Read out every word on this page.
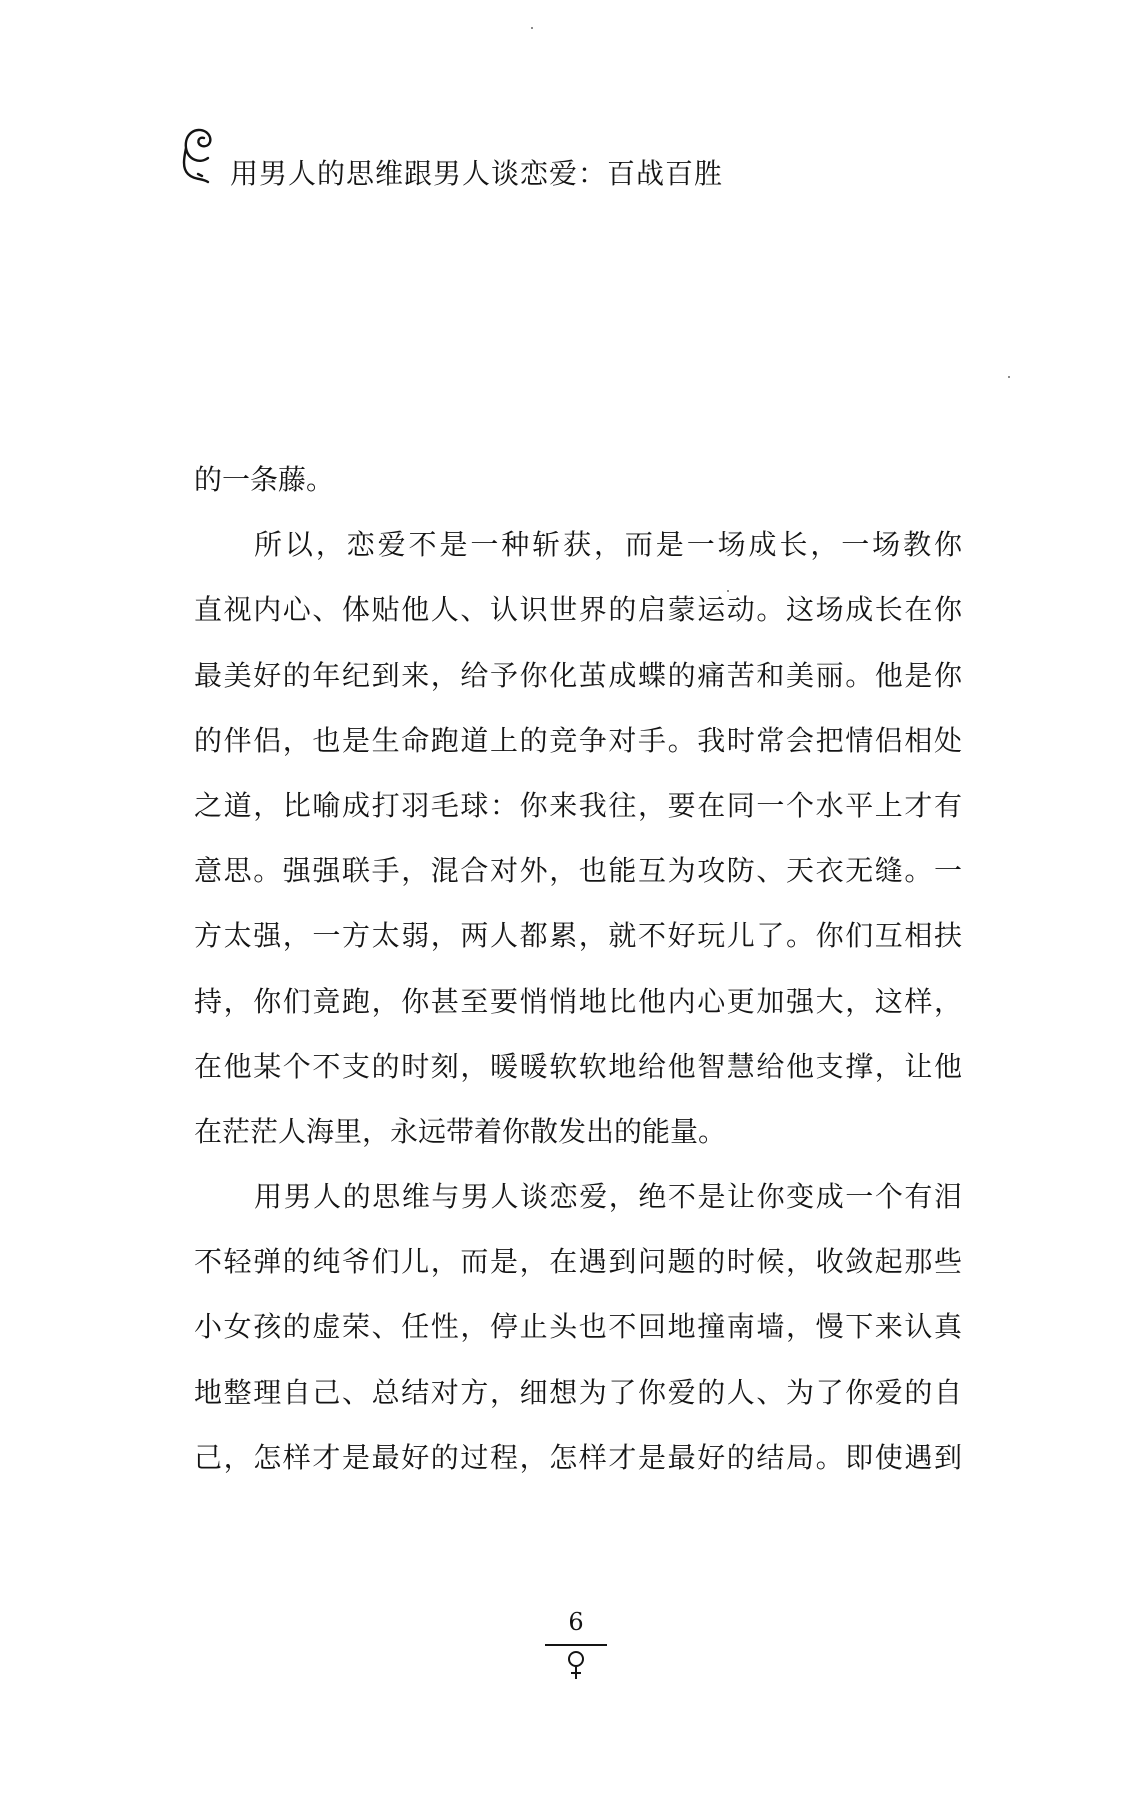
用男人的思维跟男人谈恋爱：百战百胜
的一条藤。
所以，恋爱不是一种斩获，而是一场成长，一场教你
直视内心、体贴他人、认识世界的启蒙运动。这场成长在你
最美好的年纪到来，给予你化茧成蝶的痛苦和美丽。他是你
的伴侣，也是生命跑道上的竞争对手。我时常会把情侣相处
之道，比喻成打羽毛球：你来我往，要在同一个水平上才有
意思。强强联手，混合对外，也能互为攻防、天衣无缝。一
方太强，一方太弱，两人都累，就不好玩儿了。你们互相扶
持，你们竟跑，你甚至要悄悄地比他内心更加强大，这样，
在他某个不支的时刻，暖暖软软地给他智慧给他支撑，让他
在茫茫人海里，永远带着你散发出的能量。
用男人的思维与男人谈恋爱，绝不是让你变成一个有泪
不轻弹的纯爷们儿，而是，在遇到问题的时候，收敛起那些
小女孩的虚荣、任性，停止头也不回地撞南墙，慢下来认真
地整理自己、总结对方，细想为了你爱的人、为了你爱的自
己，怎样才是最好的过程，怎样才是最好的结局。即使遇到
6
